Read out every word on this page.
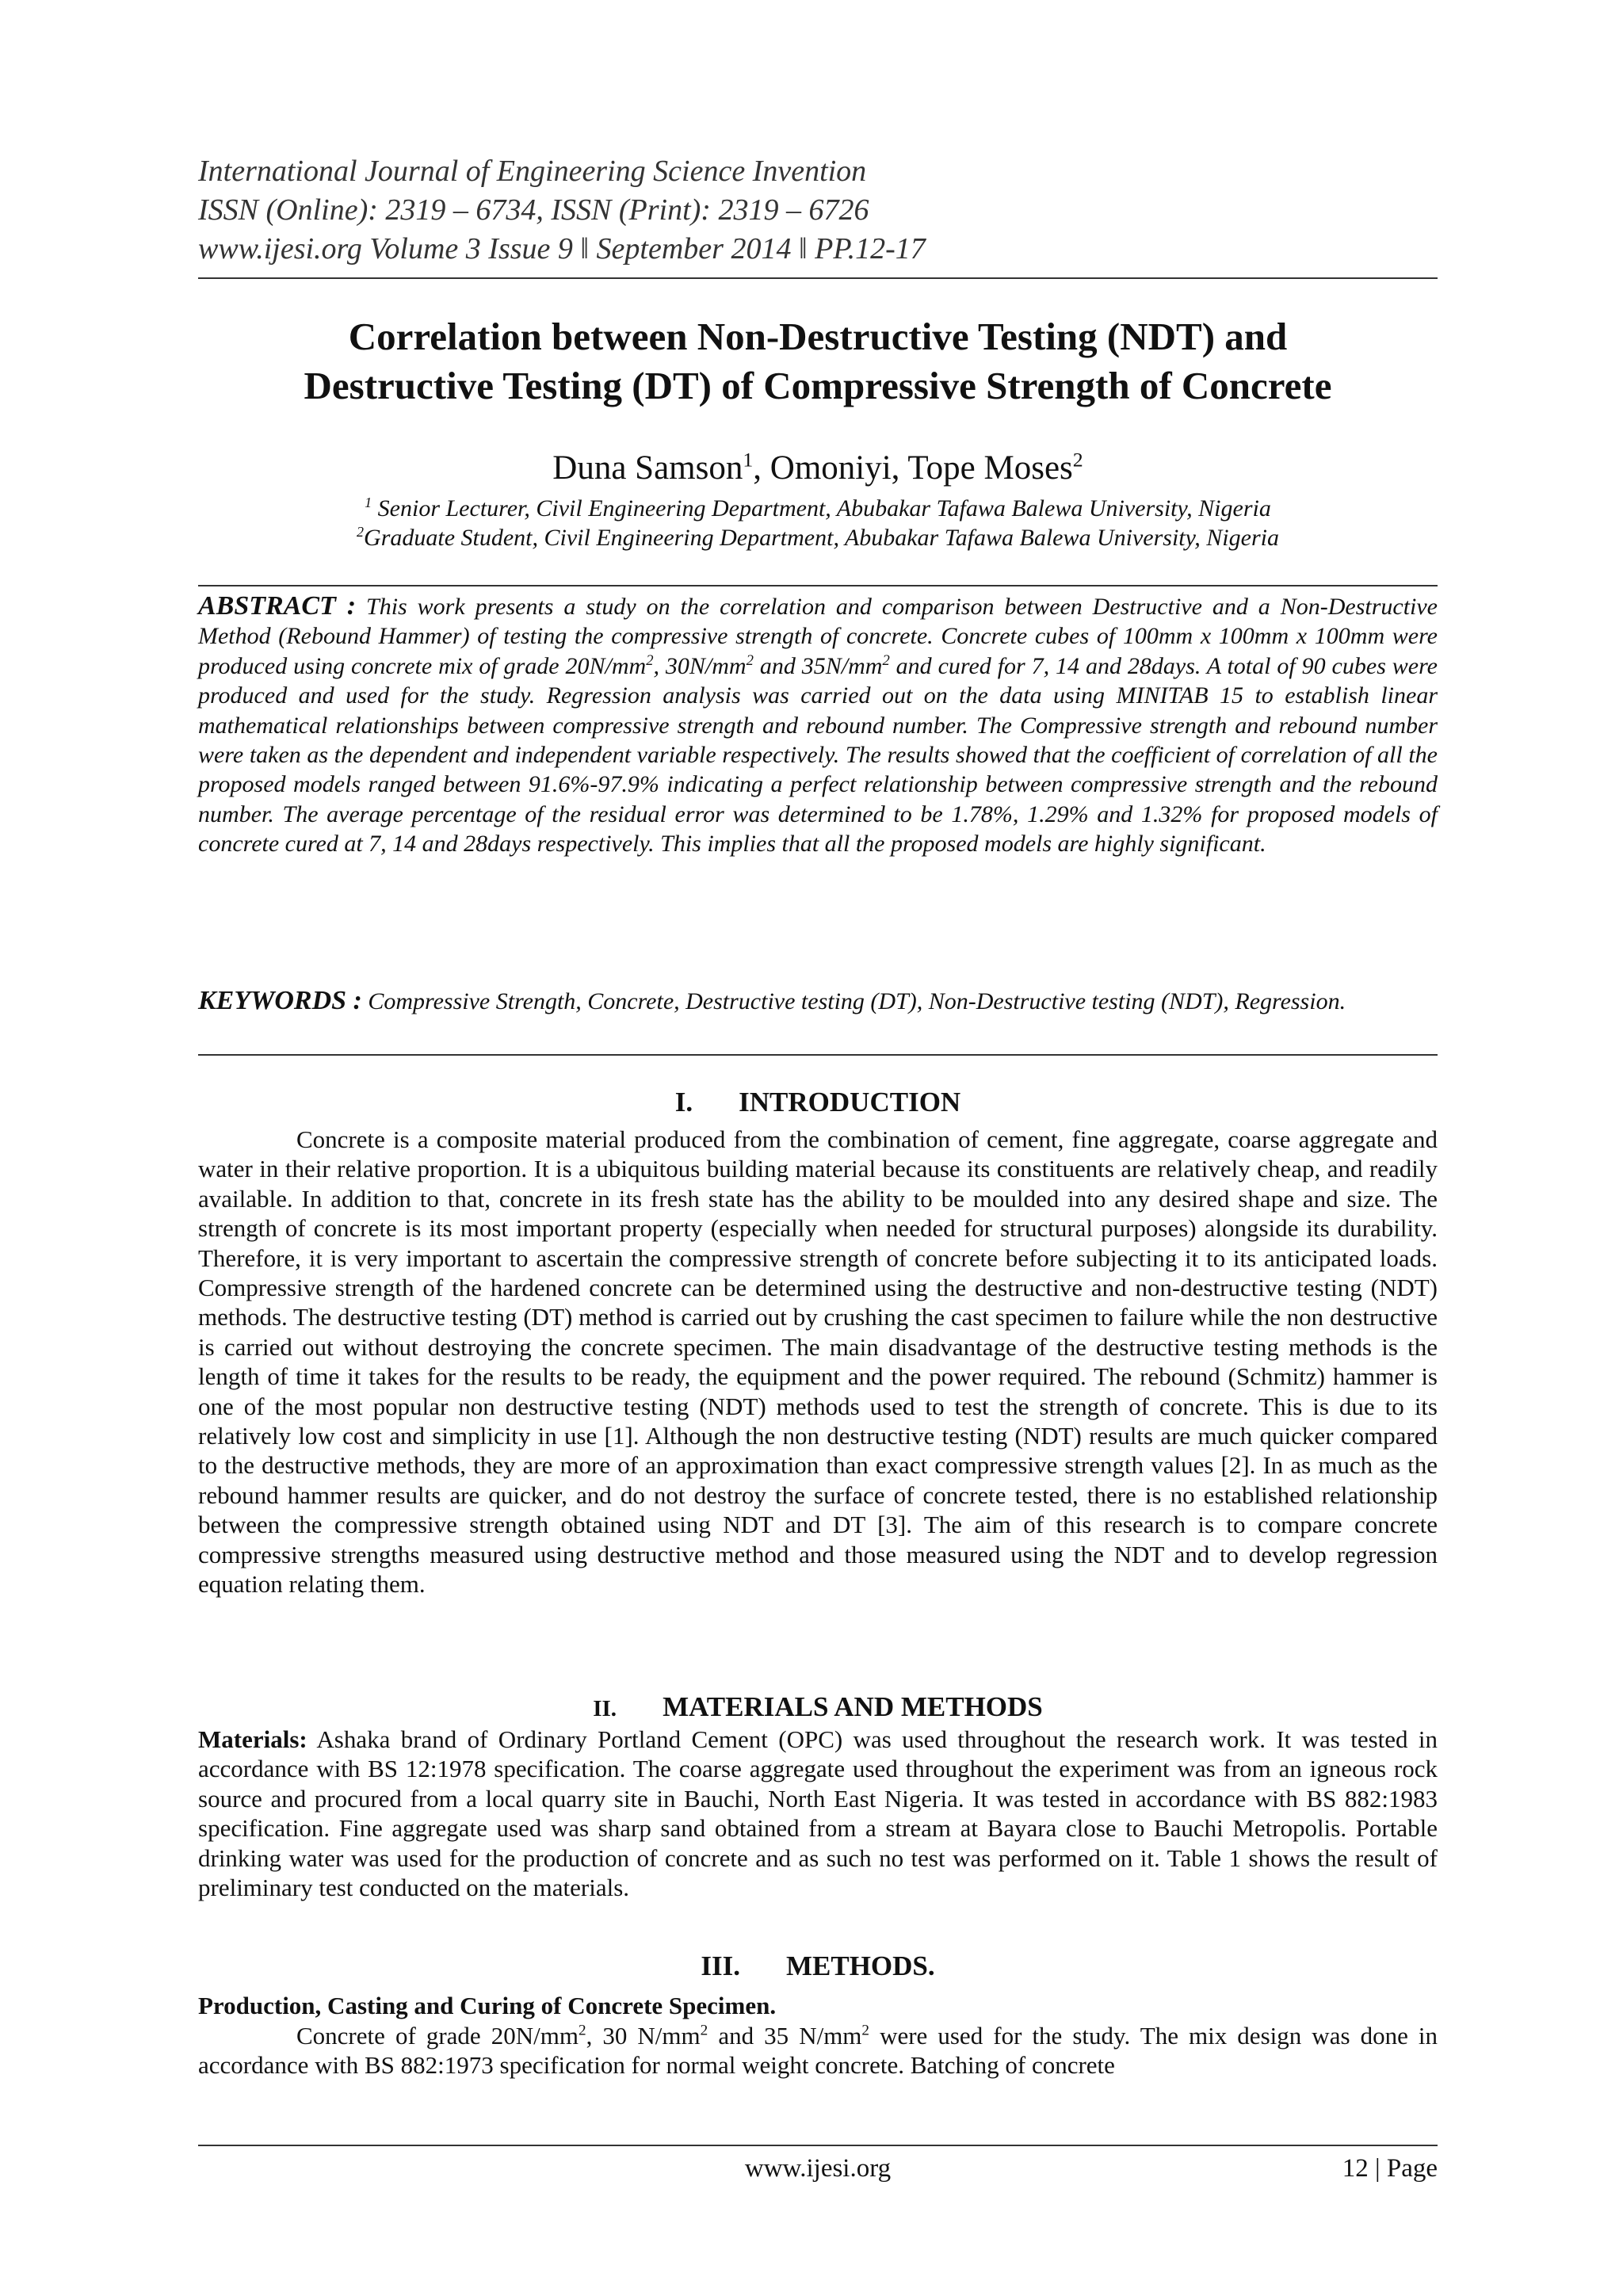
International Journal of Engineering Science Invention
ISSN (Online): 2319 – 6734, ISSN (Print): 2319 – 6726
www.ijesi.org Volume 3 Issue 9 ǁ September 2014 ǁ PP.12-17
Correlation between Non-Destructive Testing (NDT) and
Destructive Testing (DT) of Compressive Strength of Concrete
Duna Samson$^1$, Omoniyi, Tope Moses$^2$
$^1$ Senior Lecturer, Civil Engineering Department, Abubakar Tafawa Balewa University, Nigeria
$^2$Graduate Student, Civil Engineering Department, Abubakar Tafawa Balewa University, Nigeria
ABSTRACT : This work presents a study on the correlation and comparison between Destructive and a Non-Destructive Method (Rebound Hammer) of testing the compressive strength of concrete. Concrete cubes of 100mm x 100mm x 100mm were produced using concrete mix of grade $20N/mm^2$, $30N/mm^2$ and $35N/mm^2$ and cured for 7, 14 and 28days. A total of 90 cubes were produced and used for the study. Regression analysis was carried out on the data using MINITAB 15 to establish linear mathematical relationships between compressive strength and rebound number. The Compressive strength and rebound number were taken as the dependent and independent variable respectively. The results showed that the coefficient of correlation of all the proposed models ranged between 91.6%-97.9% indicating a perfect relationship between compressive strength and the rebound number. The average percentage of the residual error was determined to be 1.78%, 1.29% and 1.32% for proposed models of concrete cured at 7, 14 and 28days respectively. This implies that all the proposed models are highly significant.
KEYWORDS : Compressive Strength, Concrete, Destructive testing (DT), Non-Destructive testing (NDT), Regression.
I. INTRODUCTION
Concrete is a composite material produced from the combination of cement, fine aggregate, coarse aggregate and water in their relative proportion. It is a ubiquitous building material because its constituents are relatively cheap, and readily available. In addition to that, concrete in its fresh state has the ability to be moulded into any desired shape and size. The strength of concrete is its most important property (especially when needed for structural purposes) alongside its durability. Therefore, it is very important to ascertain the compressive strength of concrete before subjecting it to its anticipated loads. Compressive strength of the hardened concrete can be determined using the destructive and non-destructive testing (NDT) methods. The destructive testing (DT) method is carried out by crushing the cast specimen to failure while the non destructive is carried out without destroying the concrete specimen. The main disadvantage of the destructive testing methods is the length of time it takes for the results to be ready, the equipment and the power required. The rebound (Schmitz) hammer is one of the most popular non destructive testing (NDT) methods used to test the strength of concrete. This is due to its relatively low cost and simplicity in use [1]. Although the non destructive testing (NDT) results are much quicker compared to the destructive methods, they are more of an approximation than exact compressive strength values [2]. In as much as the rebound hammer results are quicker, and do not destroy the surface of concrete tested, there is no established relationship between the compressive strength obtained using NDT and DT [3]. The aim of this research is to compare concrete compressive strengths measured using destructive method and those measured using the NDT and to develop regression equation relating them.
II. MATERIALS AND METHODS
Materials: Ashaka brand of Ordinary Portland Cement (OPC) was used throughout the research work. It was tested in accordance with BS 12:1978 specification. The coarse aggregate used throughout the experiment was from an igneous rock source and procured from a local quarry site in Bauchi, North East Nigeria. It was tested in accordance with BS 882:1983 specification. Fine aggregate used was sharp sand obtained from a stream at Bayara close to Bauchi Metropolis. Portable drinking water was used for the production of concrete and as such no test was performed on it. Table 1 shows the result of preliminary test conducted on the materials.
III. METHODS.
Production, Casting and Curing of Concrete Specimen.
Concrete of grade $20N/mm^2$, 30 $N/mm^2$ and 35 $N/mm^2$ were used for the study. The mix design was done in accordance with BS 882:1973 specification for normal weight concrete. Batching of concrete
www.ijesi.org	12 | Page
